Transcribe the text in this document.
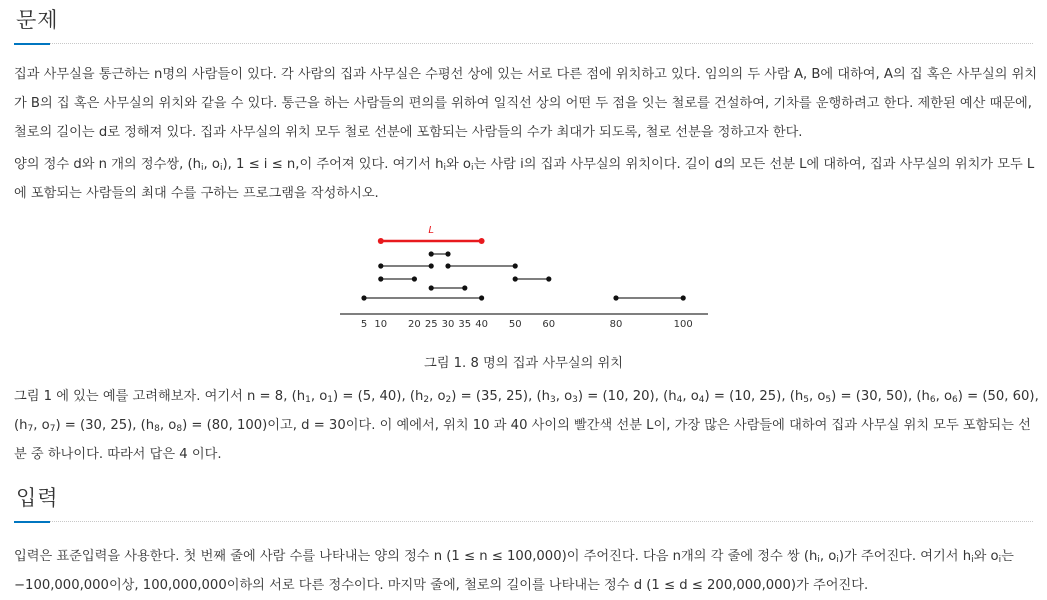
문제

집과 사무실을 통근하는 n명의 사람들이 있다. 각 사람의 집과 사무실은 수평선 상에 있는 서로 다른 점에 위치하고 있다. 임의의 두 사람 A, B에 대하여, A의 집 혹은 사무실의 위치가 B의 집 혹은 사무실의 위치와 같을 수 있다. 통근을 하는 사람들의 편의를 위하여 일직선 상의 어떤 두 점을 잇는 철로를 건설하여, 기차를 운행하려고 한다. 제한된 예산 때문에, 철로의 길이는 d로 정해져 있다. 집과 사무실의 위치 모두 철로 선분에 포함되는 사람들의 수가 최대가 되도록, 철로 선분을 정하고자 한다.

양의 정수 d와 n 개의 정수쌍, ($h_i$, $o_i$), 1 ≤ i ≤ n,이 주어져 있다. 여기서 $h_i$와 $o_i$는 사람 i의 집과 사무실의 위치이다. 길이 d의 모든 선분 L에 대하여, 집과 사무실의 위치가 모두 L에 포함되는 사람들의 최대 수를 구하는 프로그램을 작성하시오.

5 10 20 25 30 35 40 50 60	80	100
L
그림 1. 8 명의 집과 사무실의 위치

그림 1 에 있는 예를 고려해보자. 여기서 n = 8, ($h_1$, $o_1) = (5$, 40), ($h_2$, $o_2) = (35$, 25), ($h_3$, $o_3) = (10$, 20), ($h_4$, $o_4) = (10$, 25), ($h_5$, $o_5) = (30$, 50), ($h_6$, $o_6) = (50$, 60), ($h_7$, $o_7) = (30$, 25), ($h_8$, $o_8) = (80$, 100)이고, d = 30이다. 이 예에서, 위치 10 과 40 사이의 빨간색 선분 L이, 가장 많은 사람들에 대하여 집과 사무실 위치 모두 포함되는 선분 중 하나이다. 따라서 답은 4 이다.

입력

입력은 표준입력을 사용한다. 첫 번째 줄에 사람 수를 나타내는 양의 정수 n (1 ≤ n ≤ 100,000)이 주어진다. 다음 n개의 각 줄에 정수 쌍 ($h_i$, $o_i$)가 주어진다. 여기서 $h_i$와 $o_i$는 −100,000,000이상, 100,000,000이하의 서로 다른 정수이다. 마지막 줄에, 철로의 길이를 나타내는 정수 d (1 ≤ d ≤ 200,000,000)가 주어진다.
